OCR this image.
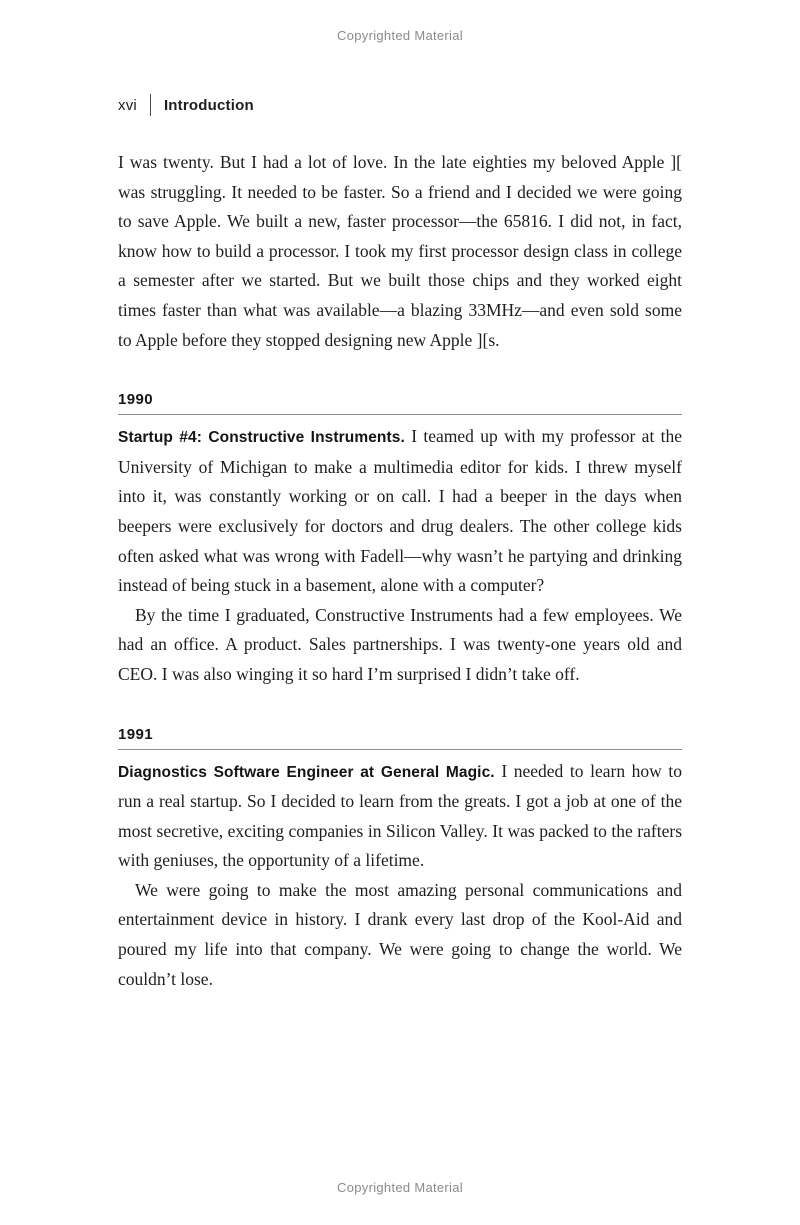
Copyrighted Material
xvi Introduction

I was twenty. But I had a lot of love. In the late eighties my beloved Apple ][ was struggling. It needed to be faster. So a friend and I decided we were going to save Apple. We built a new, faster processor—the 65816. I did not, in fact, know how to build a processor. I took my first processor design class in college a semester after we started. But we built those chips and they worked eight times faster than what was available—a blazing 33MHz—and even sold some to Apple before they stopped designing new Apple ][s.

1990

Startup #4: Constructive Instruments. I teamed up with my professor at the University of Michigan to make a multimedia editor for kids. I threw myself into it, was constantly working or on call. I had a beeper in the days when beepers were exclusively for doctors and drug dealers. The other college kids often asked what was wrong with Fadell—why wasn’t he partying and drinking instead of being stuck in a basement, alone with a computer?

By the time I graduated, Constructive Instruments had a few employees. We had an office. A product. Sales partnerships. I was twenty-one years old and CEO. I was also winging it so hard I’m surprised I didn’t take off.

1991

Diagnostics Software Engineer at General Magic. I needed to learn how to run a real startup. So I decided to learn from the greats. I got a job at one of the most secretive, exciting companies in Silicon Valley. It was packed to the rafters with geniuses, the opportunity of a lifetime.

We were going to make the most amazing personal communications and entertainment device in history. I drank every last drop of the Kool-Aid and poured my life into that company. We were going to change the world. We couldn’t lose.

Copyrighted Material
